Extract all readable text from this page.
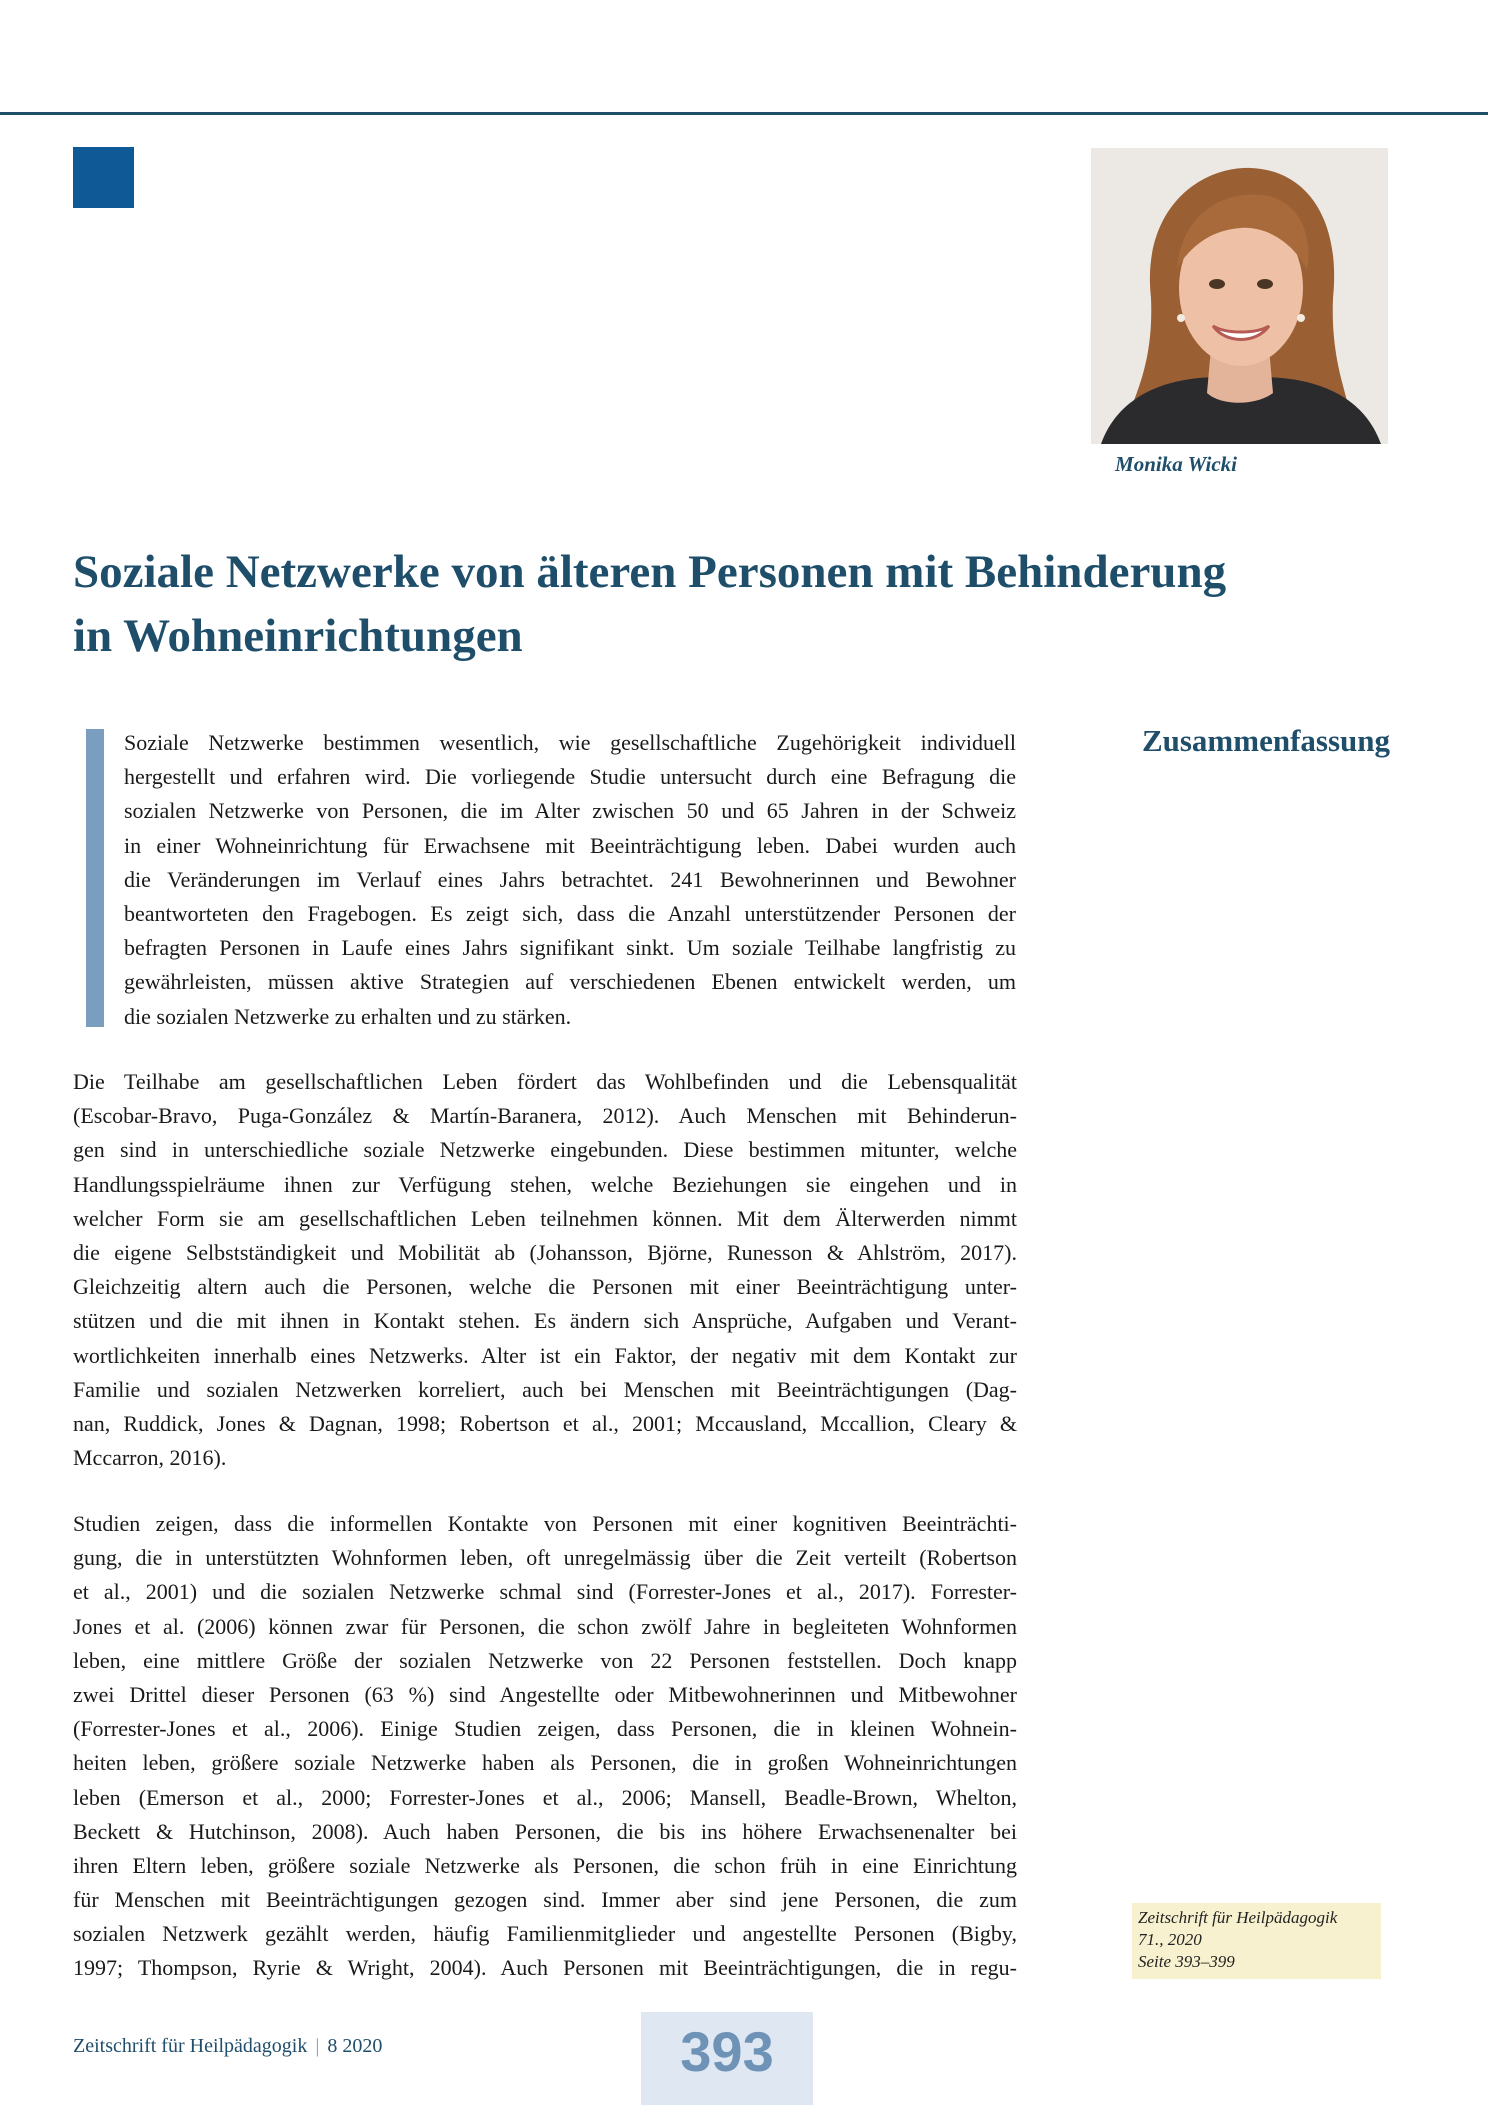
Monika Wicki
Soziale Netzwerke von älteren Personen mit Behinderung
in Wohneinrichtungen
Soziale Netzwerke bestimmen wesentlich, wie gesellschaftliche Zugehörigkeit individuell
hergestellt und erfahren wird. Die vorliegende Studie untersucht durch eine Befragung die
sozialen Netzwerke von Personen, die im Alter zwischen 50 und 65 Jahren in der Schweiz
in einer Wohneinrichtung für Erwachsene mit Beeinträchtigung leben. Dabei wurden auch
die Veränderungen im Verlauf eines Jahrs betrachtet. 241 Bewohnerinnen und Bewohner
beantworteten den Fragebogen. Es zeigt sich, dass die Anzahl unterstützender Personen der
befragten Personen in Laufe eines Jahrs signifikant sinkt. Um soziale Teilhabe langfristig zu
gewährleisten, müssen aktive Strategien auf verschiedenen Ebenen entwickelt werden, um
die sozialen Netzwerke zu erhalten und zu stärken.
Zusammenfassung
Die Teilhabe am gesellschaftlichen Leben fördert das Wohlbefinden und die Lebensqualität
(Escobar-Bravo, Puga-González & Martín-Baranera, 2012). Auch Menschen mit Behinderun-
gen sind in unterschiedliche soziale Netzwerke eingebunden. Diese bestimmen mitunter, welche
Handlungsspielräume ihnen zur Verfügung stehen, welche Beziehungen sie eingehen und in
welcher Form sie am gesellschaftlichen Leben teilnehmen können. Mit dem Älterwerden nimmt
die eigene Selbstständigkeit und Mobilität ab (Johansson, Björne, Runesson & Ahlström, 2017).
Gleichzeitig altern auch die Personen, welche die Personen mit einer Beeinträchtigung unter-
stützen und die mit ihnen in Kontakt stehen. Es ändern sich Ansprüche, Aufgaben und Verant-
wortlichkeiten innerhalb eines Netzwerks. Alter ist ein Faktor, der negativ mit dem Kontakt zur
Familie und sozialen Netzwerken korreliert, auch bei Menschen mit Beeinträchtigungen (Dag-
nan, Ruddick, Jones & Dagnan, 1998; Robertson et al., 2001; Mccausland, Mccallion, Cleary &
Mccarron, 2016).
Studien zeigen, dass die informellen Kontakte von Personen mit einer kognitiven Beeinträchti-
gung, die in unterstützten Wohnformen leben, oft unregelmässig über die Zeit verteilt (Robertson
et al., 2001) und die sozialen Netzwerke schmal sind (Forrester-Jones et al., 2017). Forrester-
Jones et al. (2006) können zwar für Personen, die schon zwölf Jahre in begleiteten Wohnformen
leben, eine mittlere Größe der sozialen Netzwerke von 22 Personen feststellen. Doch knapp
zwei Drittel dieser Personen (63 %) sind Angestellte oder Mitbewohnerinnen und Mitbewohner
(Forrester-Jones et al., 2006). Einige Studien zeigen, dass Personen, die in kleinen Wohnein-
heiten leben, größere soziale Netzwerke haben als Personen, die in großen Wohneinrichtungen
leben (Emerson et al., 2000; Forrester-Jones et al., 2006; Mansell, Beadle-Brown, Whelton,
Beckett & Hutchinson, 2008). Auch haben Personen, die bis ins höhere Erwachsenenalter bei
ihren Eltern leben, größere soziale Netzwerke als Personen, die schon früh in eine Einrichtung
für Menschen mit Beeinträchtigungen gezogen sind. Immer aber sind jene Personen, die zum
sozialen Netzwerk gezählt werden, häufig Familienmitglieder und angestellte Personen (Bigby,
1997; Thompson, Ryrie & Wright, 2004). Auch Personen mit Beeinträchtigungen, die in regu-
Zeitschrift für Heilpädagogik
71., 2020
Seite 393–399
Zeitschrift für Heilpädagogik | 8 2020	393
